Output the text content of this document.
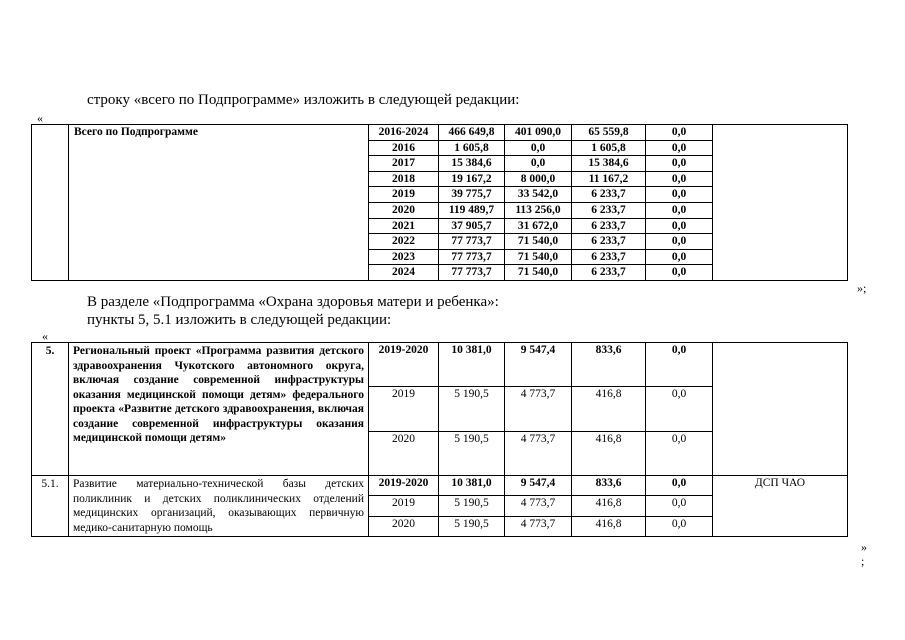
строку «всего по Подпрограмме» изложить в следующей редакции:
«
	Всего по Подпрограмме	2016-2024	466 649,8	401 090,0	65 559,8	0,0	
		2016	1 605,8	0,0	1 605,8	0,0	
		2017	15 384,6	0,0	15 384,6	0,0	
		2018	19 167,2	8 000,0	11 167,2	0,0	
		2019	39 775,7	33 542,0	6 233,7	0,0	
		2020	119 489,7	113 256,0	6 233,7	0,0	
		2021	37 905,7	31 672,0	6 233,7	0,0	
		2022	77 773,7	71 540,0	6 233,7	0,0	
		2023	77 773,7	71 540,0	6 233,7	0,0	
		2024	77 773,7	71 540,0	6 233,7	0,0	
»;
В разделе «Подпрограмма «Охрана здоровья матери и ребенка»:
пункты 5, 5.1 изложить в следующей редакции:
«
5.	Региональный проект «Программа развития детского здравоохранения Чукотского автономного округа, включая создание современной инфраструктуры оказания медицинской помощи детям» федерального проекта «Развитие детского здравоохранения, включая создание современной инфраструктуры оказания медицинской помощи детям»	2019-2020	10 381,0	9 547,4	833,6	0,0	
		2019	5 190,5	4 773,7	416,8	0,0	
		2020	5 190,5	4 773,7	416,8	0,0	
5.1.	Развитие материально-технической базы детских поликлиник и детских поликлинических отделений медицинских организаций, оказывающих первичную медико-санитарную помощь	2019-2020	10 381,0	9 547,4	833,6	0,0	ДСП ЧАО
		2019	5 190,5	4 773,7	416,8	0,0	
		2020	5 190,5	4 773,7	416,8	0,0	
»
;
